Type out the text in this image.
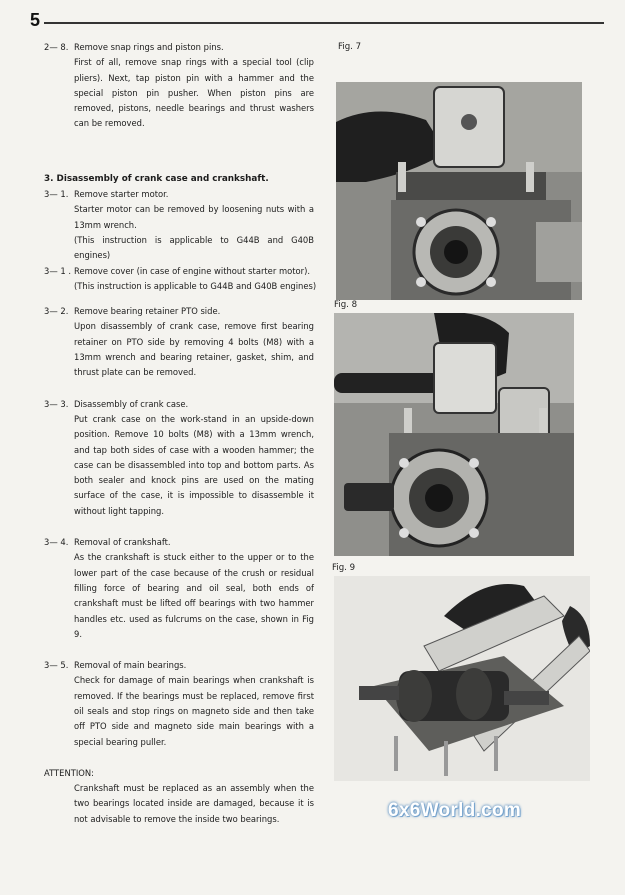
5
2— 8. Remove snap rings and piston pins.

First of all, remove snap rings with a special tool (clip pliers). Next, tap piston pin with a hammer and the special piston pin pusher. When piston pins are removed, pistons, needle bearings and thrust washers can be removed.

3. Disassembly of crank case and crankshaft.

3— 1. Remove starter motor.

Starter motor can be removed by loosening nuts with a 13mm wrench.

(This instruction is applicable to G44B and G40B engines)

3— 1 . Remove cover (in case of engine without starter motor).

(This instruction is applicable to G44B and G40B engines)

3— 2. Remove bearing retainer PTO side.

Upon disassembly of crank case, remove first bearing retainer on PTO side by removing 4 bolts (M8) with a 13mm wrench and bearing retainer, gasket, shim, and thrust plate can be removed.

3— 3. Disassembly of crank case.

Put crank case on the work-stand in an upside-down position. Remove 10 bolts (M8) with a 13mm wrench, and tap both sides of case with a wooden hammer; the case can be disassembled into top and bottom parts. As both sealer and knock pins are used on the mating surface of the case, it is impossible to disassemble it without light tapping.

3— 4. Removal of crankshaft.

As the crankshaft is stuck either to the upper or to the lower part of the case because of the crush or residual filling force of bearing and oil seal, both ends of crankshaft must be lifted off bearings with two hammer handles etc. used as fulcrums on the case, shown in Fig 9.

3— 5. Removal of main bearings.

Check for damage of main bearings when crankshaft is removed. If the bearings must be replaced, remove first oil seals and stop rings on magneto side and then take off PTO side and magneto side main bearings with a special bearing puller.

ATTENTION:

Crankshaft must be replaced as an assembly when the two bearings located inside are damaged, because it is not advisable to remove the inside two bearings.

Fig. 7
Fig. 8
Fig. 9
6x6World.com
